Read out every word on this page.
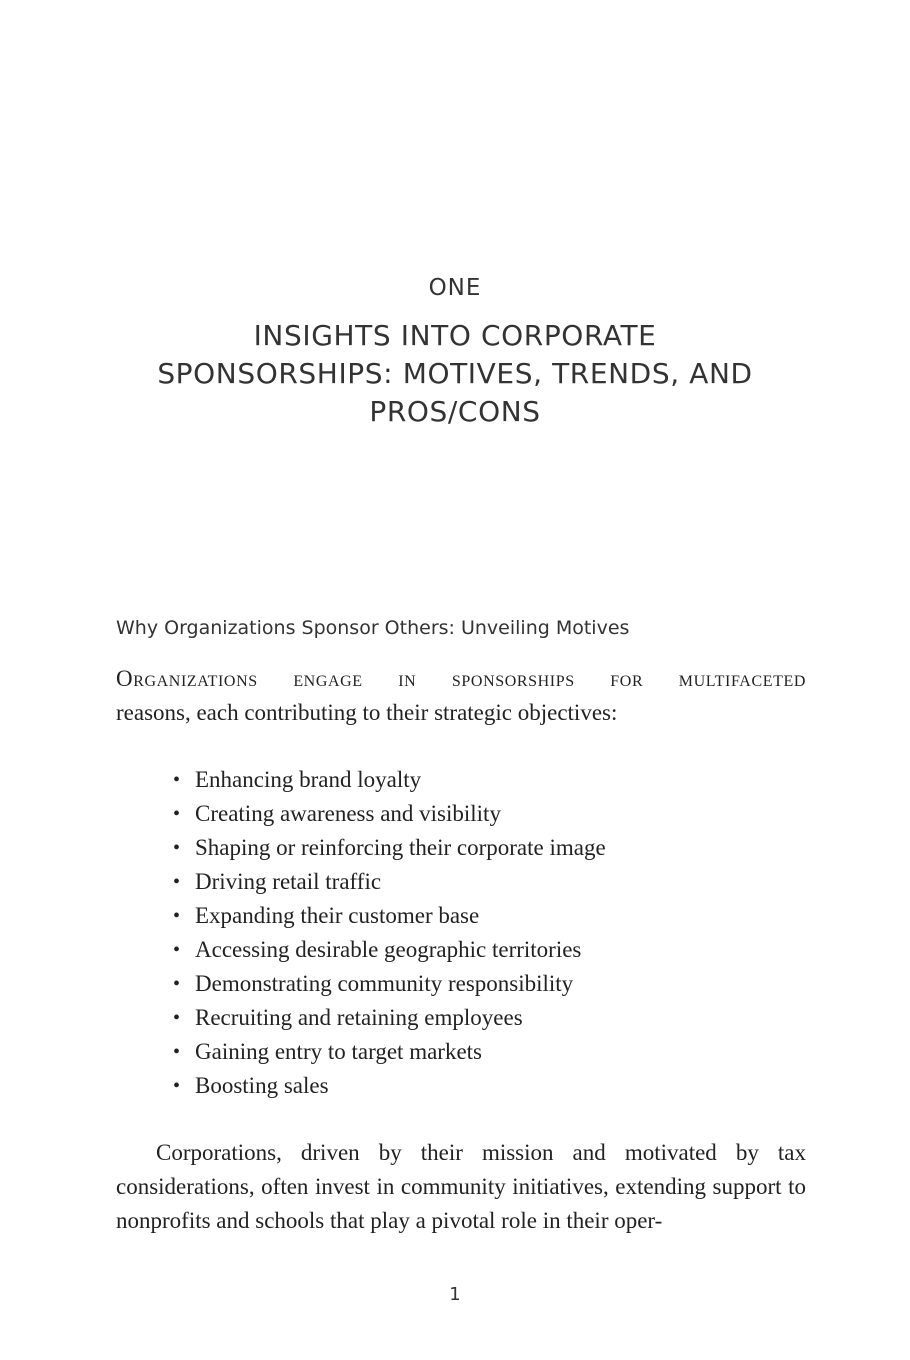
ONE
INSIGHTS INTO CORPORATE SPONSORSHIPS: MOTIVES, TRENDS, AND PROS/CONS
Why Organizations Sponsor Others: Unveiling Motives

Organizations engage in sponsorships for multifaceted
reasons, each contributing to their strategic objectives:

• Enhancing brand loyalty
• Creating awareness and visibility
• Shaping or reinforcing their corporate image
• Driving retail traffic
• Expanding their customer base
• Accessing desirable geographic territories
• Demonstrating community responsibility
• Recruiting and retaining employees
• Gaining entry to target markets
• Boosting sales

Corporations, driven by their mission and motivated by tax considerations, often invest in community initiatives, extending support to nonprofits and schools that play a pivotal role in their oper-

1
